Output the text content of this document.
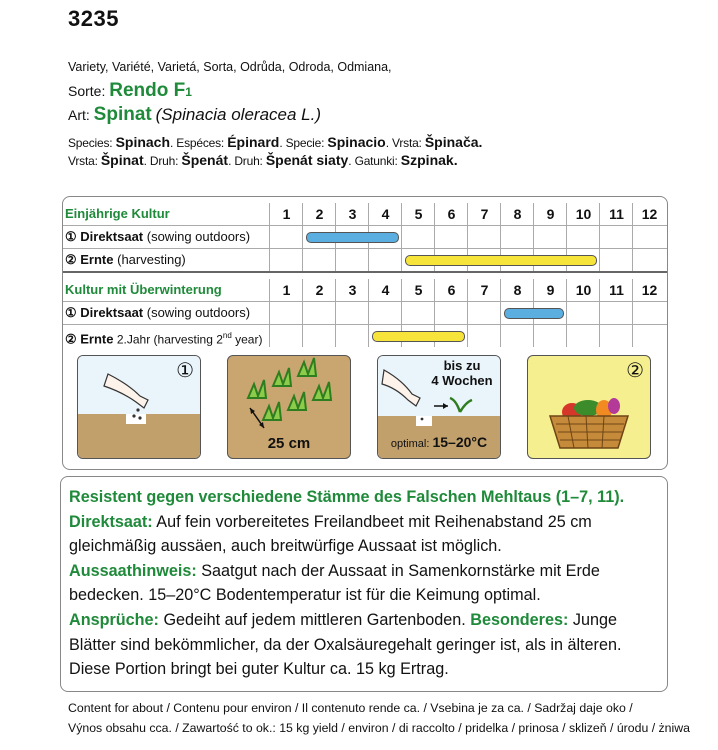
3235
Variety, Variété, Varietá, Sorta, Odrůda, Odroda, Odmiana,
Sorte: Rendo F1
Art: Spinat (Spinacia oleracea L.)
Species: Spinach. Espéces: Épinard. Specie: Spinacio. Vrsta: Špinača.
Vrsta: Špinat. Druh: Špenát. Druh: Špenát siaty. Gatunki: Szpinak.
Einjährige Kultur	1	2	3	4	5	6	7	8	9	10	11	12
① Direktsaat (sowing outdoors)
② Ernte (harvesting)
Kultur mit Überwinterung	1	2	3	4	5	6	7	8	9	10	11	12
① Direktsaat (sowing outdoors)
② Ernte 2.Jahr (harvesting 2nd year)
①
25 cm
bis zu
4 Wochen
optimal: 15–20°C
②
Resistent gegen verschiedene Stämme des Falschen Mehltaus (1–7, 11).
Direktsaat: Auf fein vorbereitetes Freilandbeet mit Reihenabstand 25 cm gleichmäßig aussäen, auch breitwürfige Aussaat ist möglich.
Aussaathinweis: Saatgut nach der Aussaat in Samenkornstärke mit Erde bedecken. 15–20°C Bodentemperatur ist für die Keimung optimal.
Ansprüche: Gedeiht auf jedem mittleren Gartenboden. Besonderes: Junge Blätter sind bekömmlicher, da der Oxalsäuregehalt geringer ist, als in älteren. Diese Portion bringt bei guter Kultur ca. 15 kg Ertrag.
Content for about / Contenu pour environ / Il contenuto rende ca. / Vsebina je za ca. / Sadržaj daje oko /
Výnos obsahu cca. / Zawartość to ok.: 15 kg yield / environ / di raccolto / pridelka / prinosa / sklizeň / úrodu / żniwa
